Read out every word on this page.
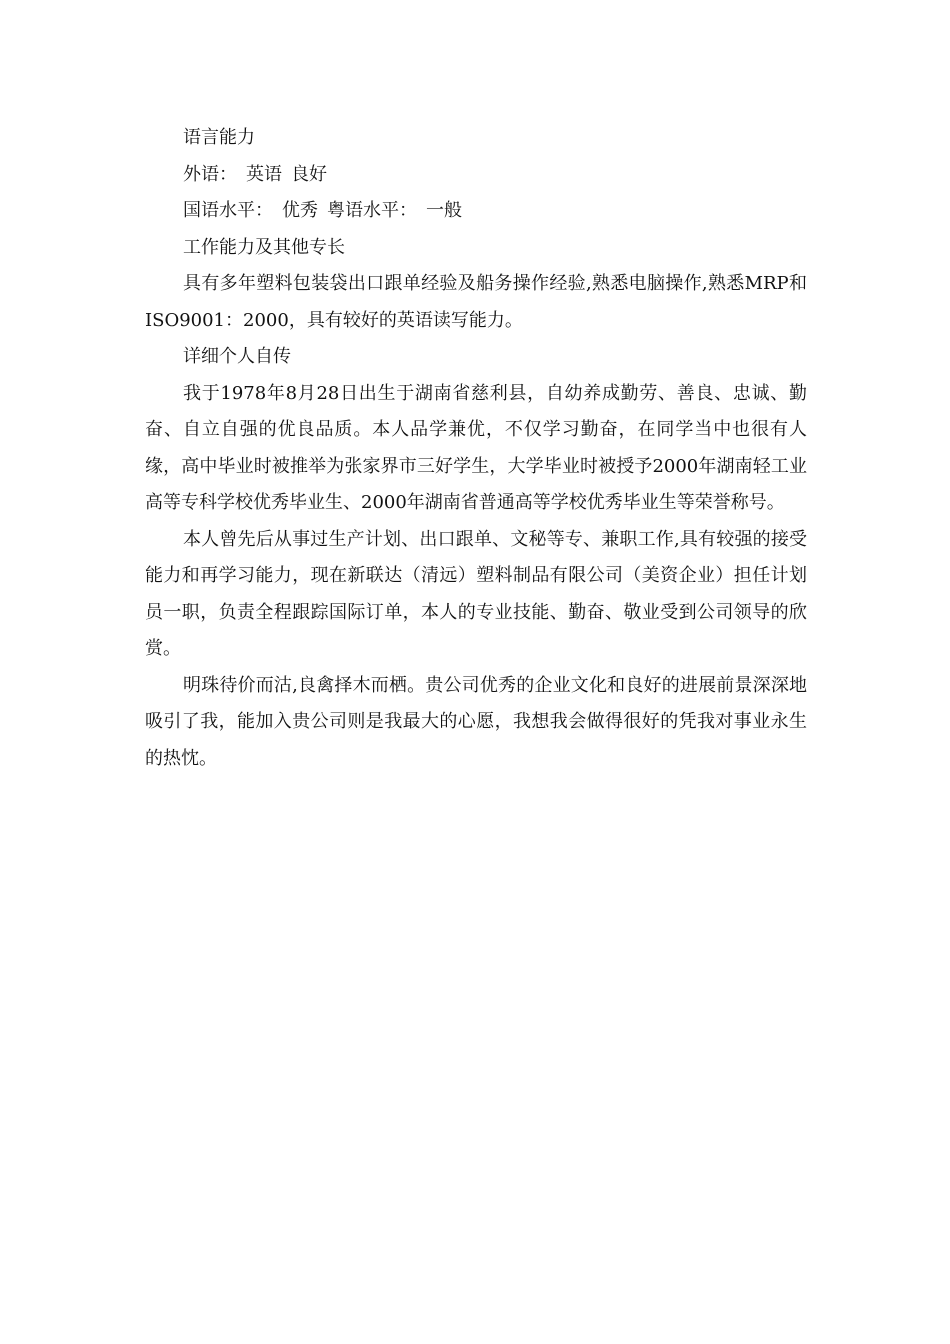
语言能力

外语： 英语 良好

国语水平： 优秀 粤语水平： 一般

工作能力及其他专长

具有多年塑料包装袋出口跟单经验及船务操作经验,熟悉电脑操作,熟悉MRP和ISO9001：2000，具有较好的英语读写能力。

详细个人自传

我于1978年8月28日出生于湖南省慈利县，自幼养成勤劳、善良、忠诚、勤奋、自立自强的优良品质。本人品学兼优，不仅学习勤奋，在同学当中也很有人缘，高中毕业时被推举为张家界市三好学生，大学毕业时被授予2000年湖南轻工业高等专科学校优秀毕业生、2000年湖南省普通高等学校优秀毕业生等荣誉称号。

本人曾先后从事过生产计划、出口跟单、文秘等专、兼职工作,具有较强的接受能力和再学习能力，现在新联达（清远）塑料制品有限公司（美资企业）担任计划员一职，负责全程跟踪国际订单，本人的专业技能、勤奋、敬业受到公司领导的欣赏。

明珠待价而沽,良禽择木而栖。贵公司优秀的企业文化和良好的进展前景深深地吸引了我，能加入贵公司则是我最大的心愿，我想我会做得很好的凭我对事业永生的热忱。
